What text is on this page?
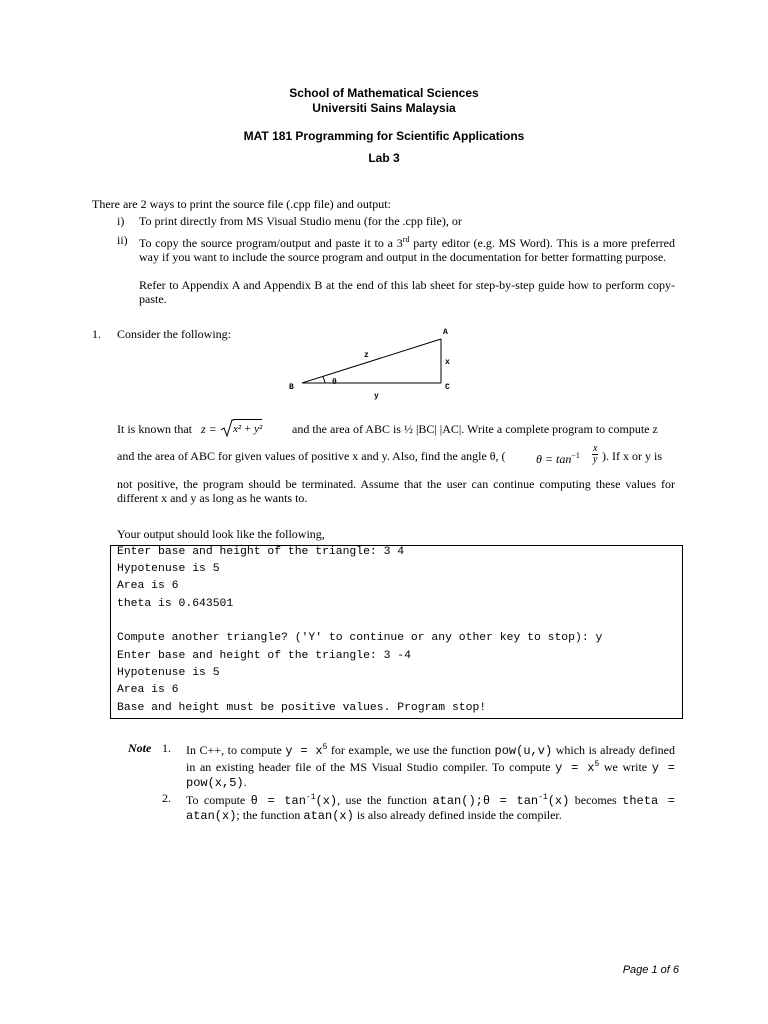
School of Mathematical Sciences
Universiti Sains Malaysia
MAT 181 Programming for Scientific Applications
Lab 3
There are 2 ways to print the source file (.cpp file) and output:
i) To print directly from MS Visual Studio menu (for the .cpp file), or
ii) To copy the source program/output and paste it to a 3rd party editor (e.g. MS Word). This is a more preferred way if you want to include the source program and output in the documentation for better formatting purpose.
Refer to Appendix A and Appendix B at the end of this lab sheet for step-by-step guide how to perform copy-paste.
1. Consider the following:	A
B	C
z
x
y
θ
It is known that z = x² + y² and the area of ABC is ½ |BC| |AC|. Write a complete program to compute z
and the area of ABC for given values of positive x and y. Also, find the angle θ, (	$\theta = \tan^{-1} \frac{x}{y}$ ). If x or y is
not positive, the program should be terminated. Assume that the user can continue computing these values for different x and y as long as he wants to.
Your output should look like the following,
Enter base and height of the triangle: 3 4
Hypotenuse is 5
Area is 6
theta is 0.643501
Compute another triangle? ('Y' to continue or any other key to stop): y
Enter base and height of the triangle: 3 -4
Hypotenuse is 5
Area is 6
Base and height must be positive values. Program stop!
Note 1. In C++, to compute $y = x^5$ for example, we use the function pow(u,v) which is already defined in an existing header file of the MS Visual Studio compiler. To compute $y = x^5$ we write y = pow(x,5).
2. To compute $\theta = \tan^{-1}(x)$, use the function atan();θ = $\tan^{-1}(x)$ becomes theta = atan(x); the function atan(x) is also already defined inside the compiler.
Page 1 of 6
